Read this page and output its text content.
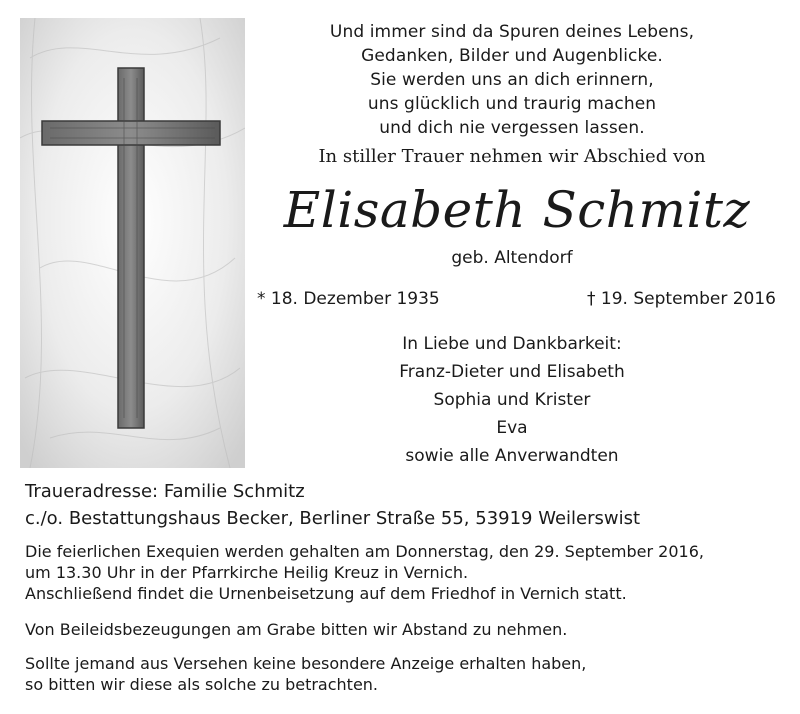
Und immer sind da Spuren deines Lebens,
Gedanken, Bilder und Augenblicke.
Sie werden uns an dich erinnern,
uns glücklich und traurig machen
und dich nie vergessen lassen.
In stiller Trauer nehmen wir Abschied von
Elisabeth Schmitz
geb. Altendorf
* 18. Dezember 1935	† 19. September 2016
In Liebe und Dankbarkeit:
Franz-Dieter und Elisabeth
Sophia und Krister
Eva
sowie alle Anverwandten
Traueradresse: Familie Schmitz
c./o. Bestattungshaus Becker, Berliner Straße 55, 53919 Weilerswist
Die feierlichen Exequien werden gehalten am Donnerstag, den 29. September 2016,
um 13.30 Uhr in der Pfarrkirche Heilig Kreuz in Vernich.
Anschließend findet die Urnenbeisetzung auf dem Friedhof in Vernich statt.
Von Beileidsbezeugungen am Grabe bitten wir Abstand zu nehmen.
Sollte jemand aus Versehen keine besondere Anzeige erhalten haben,
so bitten wir diese als solche zu betrachten.
